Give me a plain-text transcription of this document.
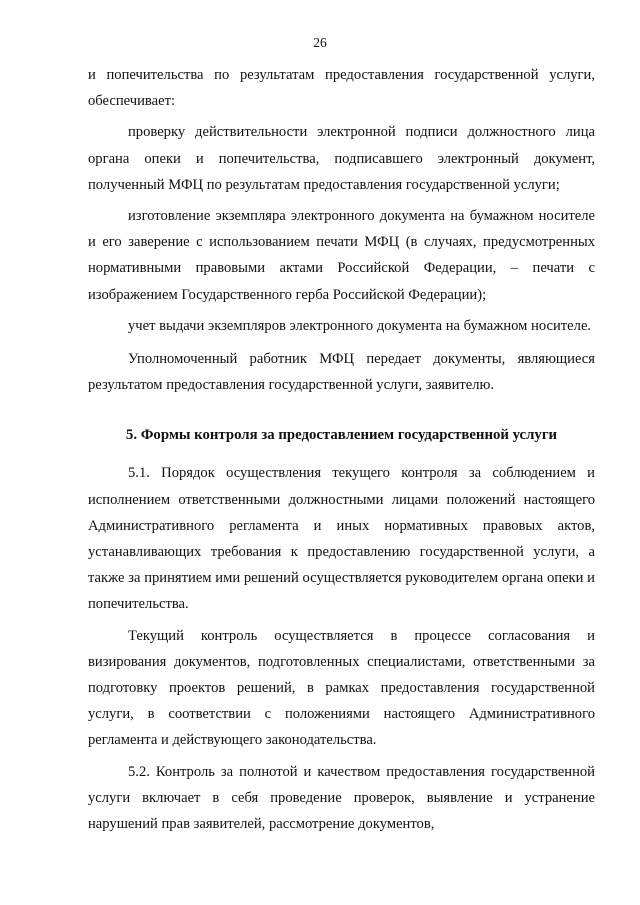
26

и попечительства по результатам предоставления государственной услуги, обеспечивает:

проверку действительности электронной подписи должностного лица органа опеки и попечительства, подписавшего электронный документ, полученный МФЦ по результатам предоставления государственной услуги;

изготовление экземпляра электронного документа на бумажном носителе и его заверение с использованием печати МФЦ (в случаях, предусмотренных нормативными правовыми актами Российской Федерации, – печати с изображением Государственного герба Российской Федерации);

учет выдачи экземпляров электронного документа на бумажном носителе.

Уполномоченный работник МФЦ передает документы, являющиеся результатом предоставления государственной услуги, заявителю.

5. Формы контроля за предоставлением государственной услуги

5.1. Порядок осуществления текущего контроля за соблюдением и исполнением ответственными должностными лицами положений настоящего Административного регламента и иных нормативных правовых актов, устанавливающих требования к предоставлению государственной услуги, а также за принятием ими решений осуществляется руководителем органа опеки и попечительства.

Текущий контроль осуществляется в процессе согласования и визирования документов, подготовленных специалистами, ответственными за подготовку проектов решений, в рамках предоставления государственной услуги, в соответствии с положениями настоящего Административного регламента и действующего законодательства.

5.2. Контроль за полнотой и качеством предоставления государственной услуги включает в себя проведение проверок, выявление и устранение нарушений прав заявителей, рассмотрение документов,
